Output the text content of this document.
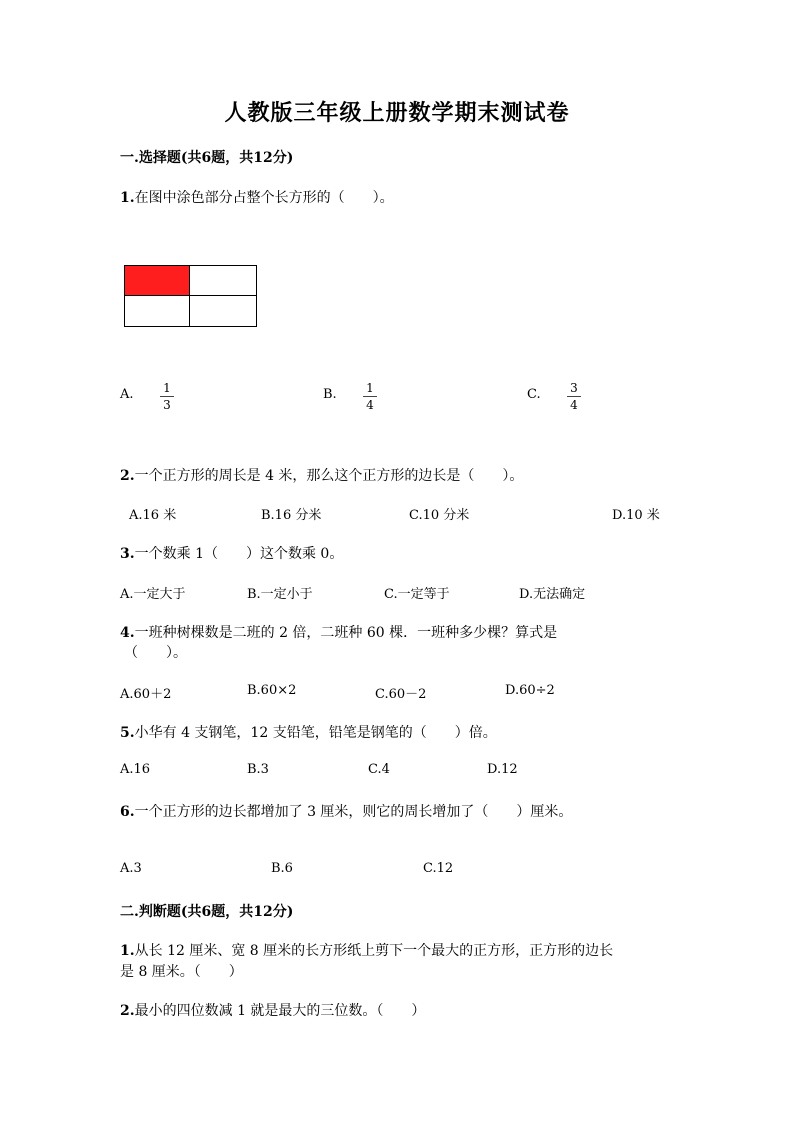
人教版三年级上册数学期末测试卷
一.选择题(共6题，共12分)
1.在图中涂色部分占整个长方形的（　　）。
A. 1
3
B. 1
4
C. 3
4
2.一个正方形的周长是 4 米，那么这个正方形的边长是（　　）。
A.16 米	B.16 分米	C.10 分米	D.10 米
3.一个数乘 1（　　）这个数乘 0。
A.一定大于	B.一定小于	C.一定等于	D.无法确定
4.一班种树棵数是二班的 2 倍，二班种 60 棵．一班种多少棵？算式是
（　　）。
A.60＋2	B.60×2	C.60－2	D.60÷2
5.小华有 4 支钢笔，12 支铅笔，铅笔是钢笔的（　　）倍。
A.16	B.3	C.4	D.12
6.一个正方形的边长都增加了 3 厘米，则它的周长增加了（　　）厘米。
A.3	B.6	C.12
二.判断题(共6题，共12分)
1.从长 12 厘米、宽 8 厘米的长方形纸上剪下一个最大的正方形，正方形的边长
是 8 厘米。（　　）
2.最小的四位数减 1 就是最大的三位数。（　　）
